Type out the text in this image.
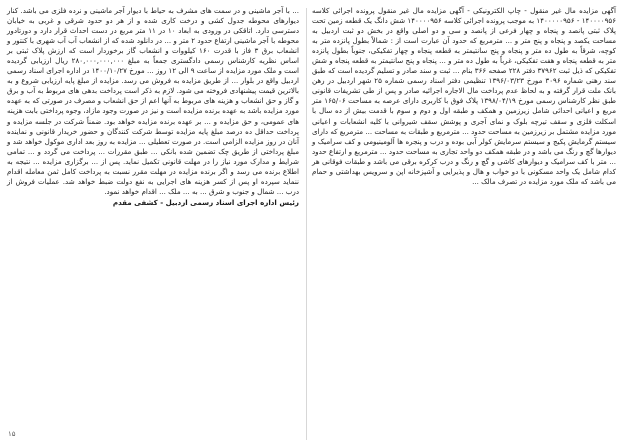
آگهی مزایده مال غیر منقول - چاپ الکترونیکی - آگهی مزایده مال غیر منقول پرونده اجرائی کلاسه ۱۴۰۰۰۰۹۵۶ - ۱۴۰۰۰۰۰۹۵۶ به موجب پرونده اجرائی کلاسه ۱۴۰۰۰۰۹۵۶ شش دانگ یک قطعه زمین تحت پلاک ثبتی پانصد و پنجاه و چهار فرعی از پانصد و سی و دو اصلی واقع در بخش دو ثبت اردبیل به مساحت یکصد و پنجاه و پنج متر و ... مترمربع که حدود آن عبارت است از : شمالاً بطول پانزده متر به کوچه، شرقاً به طول ده متر و پنجاه و پنج سانتیمتر به قطعه پنجاه و چهار تفکیکی، جنوباً بطول پانزده متر به قطعه پنجاه و هفت تفکیکی، غرباً به طول ده متر و ... پنجاه و پنج سانتیمتر به قطعه پنجاه و شش تفکیکی که ذیل ثبت ۳۷۹۶۲ دفتر ۲۲۸ صفحه ۳۶۶ بنام ... ثبت و سند صادر و تسلیم گردیده است که طبق سند رهنی شماره ۳۰۹۶ مورخ ۱۳۹۶/۰۳/۲۳ تنظیمی دفتر اسناد رسمی شماره ۲۵ شهر اردبیل در رهن بانک ملت قرار گرفته و به لحاظ عدم پرداخت مال الاجاره اجرائیه صادر و پس از طی تشریفات قانونی طبق نظر کارشناس رسمی مورخ ۱۳۹۸/۰۴/۱۹ پلاک فوق با کاربری دارای عرصه به مساحت ۱۶۵/۰۶ متر مربع و اعیانی احداثی شامل زیرزمین و همکف و طبقه اول و دوم و سوم با قدمت بیش از ده سال با اسکلت فلزی و سقف تیرچه بلوک و نمای آجری و پوشش سقف شیروانی با کلیه انشعابات و اعیانی مورد مزایده مشتمل بر زیرزمین به مساحت حدود ... مترمربع و طبقات به مساحت ... مترمربع که دارای سیستم گرمایش پکیج و سیستم سرمایش کولر آبی بوده و درب و پنجره ها آلومینیومی و کف سرامیک و دیوارها گچ و رنگ می باشد و در طبقه همکف دو واحد تجاری به مساحت حدود ... مترمربع و ارتفاع حدود ... متر با کف سرامیک و دیوارهای کاشی و گچ و رنگ و درب کرکره برقی می باشد و طبقات فوقانی هر کدام شامل یک واحد مسکونی با دو خواب و هال و پذیرایی و آشپزخانه اپن و سرویس بهداشتی و حمام می باشد که ملک مورد مزایده در تصرف مالک ...

... با آجر ماشینی و در سمت های مشرف به حیاط با دیوار آجر ماشینی و نرده فلزی می باشد. کنار دیوارهای محوطه جدول کشی و درخت کاری شده و از هر دو حدود شرقی و غربی به خیابان دسترسی دارد. اتاقکی در ورودی به ابعاد ۱۰ در ۱۱ متر مربع در دست احداث قرار دارد و دورتادور محوطه با آجر ماشینی ارتفاع حدود ۲ متر و ... در دانلود شده که از انشعاب آب آب شهری با کنتور و انشعاب برق ۳ فاز با قدرت ۱۶۰ کیلووات و انشعاب گاز برخوردار است که ارزش پلاک ثبتی بر اساس نظریه کارشناس رسمی دادگستری جمعاً به مبلغ ۲۸۰,۰۰۰,۰۰۰,۰۰۰ ریال ارزیابی گردیده است و ملک مورد مزایده از ساعت ۹ الی ۱۲ روز ... مورخ ۱۴۰۰/۱۰/۲۷ در اداره اجرای اسناد رسمی اردبیل واقع در بلوار ... از طریق مزایده به فروش می رسد. مزایده از مبلغ پایه ارزیابی شروع و به بالاترین قیمت پیشنهادی فروخته می شود. لازم به ذکر است پرداخت بدهی های مربوط به آب و برق و گاز و حق انشعاب و هزینه های مربوط به آنها اعم از حق انشعاب و مصرف در صورتی که به عهده مورد مزایده باشد به عهده برنده مزایده است و نیز در صورت وجود مازاد، وجوه پرداختی بابت هزینه های عمومی، و حق مزایده و ... بر عهده برنده مزایده خواهد بود. ضمناً شرکت در جلسه مزایده و پرداخت حداقل ده درصد مبلغ پایه مزایده توسط شرکت کنندگان و حضور خریدار قانونی و نماینده آنان در روز مزایده الزامی است. در صورت تعطیلی ... مزایده به روز بعد اداری موکول خواهد شد و مبلغ پرداختی از طریق چک تضمین شده بانکی ... طبق مقررات ... پرداخت می گردد و ... تمامی شرایط و مدارک مورد نیاز را در مهلت قانونی تکمیل نماید. پس از ... برگزاری مزایده ... نتیجه به اطلاع برنده می رسد و اگر برنده مزایده در مهلت مقرر نسبت به پرداخت کامل ثمن معامله اقدام ننماید سپرده او پس از کسر هزینه های اجرایی به نفع دولت ضبط خواهد شد. عملیات فروش از درب ... شمال و جنوب و شرق ... به ... ملک ... اقدام خواهد نمود.

رئیس اداره اجرای اسناد رسمی اردبیل - کشفی مقدم
۱۵
